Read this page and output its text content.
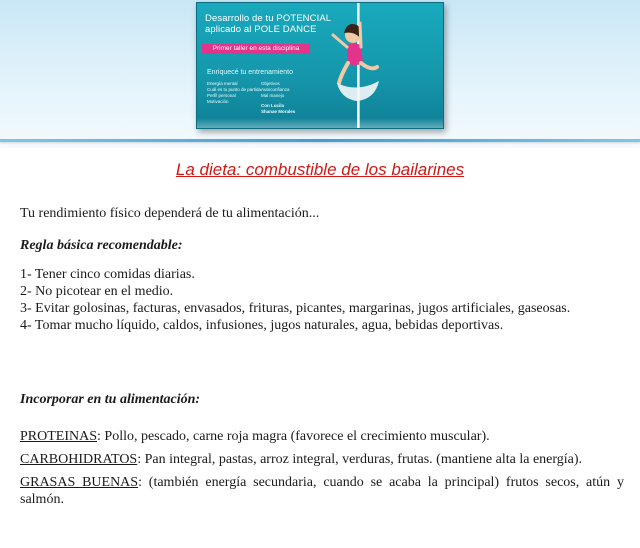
Desarrollo de tu POTENCIAL
aplicado al POLE DANCE
Primer taller en esta disciplina
Enriquecé tu entrenamiento
Energía mental
Cuál es tu punto de partida
Perfil personal
Motivación
Objetivos
Autoconfianza
Mal manejo
Con Lucila
Shanae Morales
La dieta: combustible de los bailarines
Tu rendimiento físico dependerá de tu alimentación...
Regla básica recomendable:

1- Tener cinco comidas diarias.

2- No picotear en el medio.

3- Evitar golosinas, facturas, envasados, frituras, picantes, margarinas, jugos artificiales, gaseosas.

4- Tomar mucho líquido, caldos, infusiones, jugos naturales, agua, bebidas deportivas.

Incorporar en tu alimentación:

PROTEINAS: Pollo, pescado, carne roja magra (favorece el crecimiento muscular).

CARBOHIDRATOS: Pan integral, pastas, arroz integral, verduras, frutas. (mantiene alta la energía).

GRASAS BUENAS: (también energía secundaria, cuando se acaba la principal) frutos secos, atún y salmón.
